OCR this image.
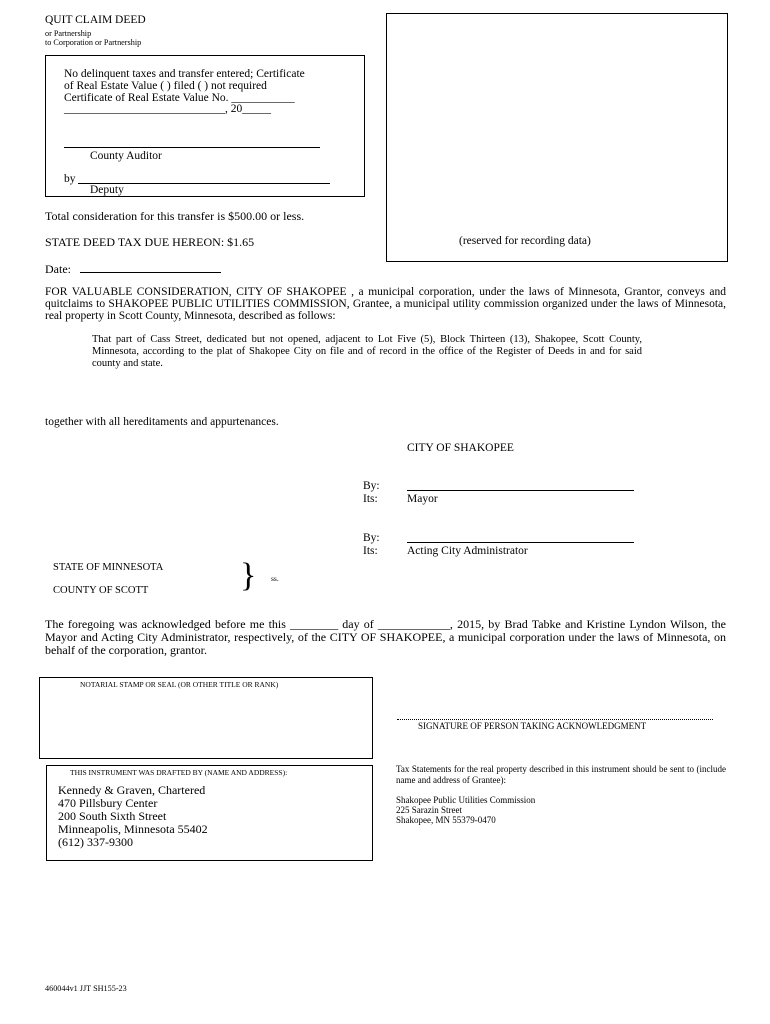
QUIT CLAIM DEED
or Partnership
to Corporation or Partnership
No delinquent taxes and transfer entered; Certificate
of Real Estate Value ( ) filed ( ) not required
Certificate of Real Estate Value No. ___________
____________________________, 20_____
County Auditor
by
Deputy
(reserved for recording data)
Total consideration for this transfer is $500.00 or less.
STATE DEED TAX DUE HEREON: $1.65
Date:
FOR VALUABLE CONSIDERATION, CITY OF SHAKOPEE , a municipal corporation, under the laws of Minnesota, Grantor, conveys and quitclaims to SHAKOPEE PUBLIC UTILITIES COMMISSION, Grantee, a municipal utility commission organized under the laws of Minnesota, real property in Scott County, Minnesota, described as follows:
That part of Cass Street, dedicated but not opened, adjacent to Lot Five (5), Block Thirteen (13), Shakopee, Scott County, Minnesota, according to the plat of Shakopee City on file and of record in the office of the Register of Deeds in and for said county and state.
together with all hereditaments and appurtenances.
CITY OF SHAKOPEE
By:
Its:	Mayor
By:
Its:	Acting City Administrator
STATE OF MINNESOTA
COUNTY OF SCOTT	} ss.
The foregoing was acknowledged before me this ________ day of ____________, 2015, by Brad Tabke and Kristine Lyndon Wilson, the Mayor and Acting City Administrator, respectively, of the CITY OF SHAKOPEE, a municipal corporation under the laws of Minnesota, on behalf of the corporation, grantor.
NOTARIAL STAMP OR SEAL (OR OTHER TITLE OR RANK)
SIGNATURE OF PERSON TAKING ACKNOWLEDGMENT
THIS INSTRUMENT WAS DRAFTED BY (NAME AND ADDRESS):
Kennedy & Graven, Chartered
470 Pillsbury Center
200 South Sixth Street
Minneapolis, Minnesota 55402
(612) 337-9300
Tax Statements for the real property described in this instrument should be sent to (include name and address of Grantee):
Shakopee Public Utilities Commission
225 Sarazin Street
Shakopee, MN 55379-0470
460044v1 JJT SH155-23
